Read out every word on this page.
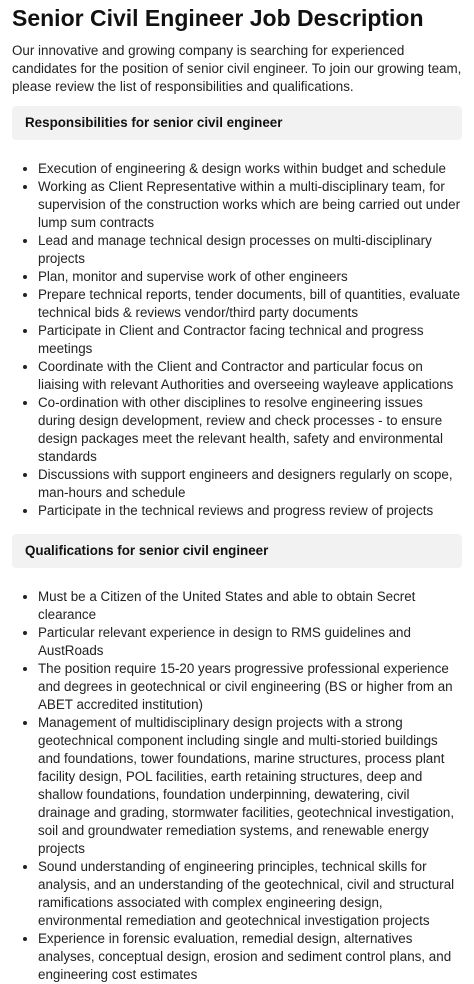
Senior Civil Engineer Job Description

Our innovative and growing company is searching for experienced candidates for the position of senior civil engineer. To join our growing team, please review the list of responsibilities and qualifications.

Responsibilities for senior civil engineer
• Execution of engineering & design works within budget and schedule
• Working as Client Representative within a multi-disciplinary team, for supervision of the construction works which are being carried out under lump sum contracts
• Lead and manage technical design processes on multi-disciplinary projects
• Plan, monitor and supervise work of other engineers
• Prepare technical reports, tender documents, bill of quantities, evaluate technical bids & reviews vendor/third party documents
• Participate in Client and Contractor facing technical and progress meetings
• Coordinate with the Client and Contractor and particular focus on liaising with relevant Authorities and overseeing wayleave applications
• Co-ordination with other disciplines to resolve engineering issues during design development, review and check processes - to ensure design packages meet the relevant health, safety and environmental standards
• Discussions with support engineers and designers regularly on scope, man-hours and schedule
• Participate in the technical reviews and progress review of projects
Qualifications for senior civil engineer
• Must be a Citizen of the United States and able to obtain Secret clearance
• Particular relevant experience in design to RMS guidelines and AustRoads
• The position require 15-20 years progressive professional experience and degrees in geotechnical or civil engineering (BS or higher from an ABET accredited institution)
• Management of multidisciplinary design projects with a strong geotechnical component including single and multi-storied buildings and foundations, tower foundations, marine structures, process plant facility design, POL facilities, earth retaining structures, deep and shallow foundations, foundation underpinning, dewatering, civil drainage and grading, stormwater facilities, geotechnical investigation, soil and groundwater remediation systems, and renewable energy projects
• Sound understanding of engineering principles, technical skills for analysis, and an understanding of the geotechnical, civil and structural ramifications associated with complex engineering design, environmental remediation and geotechnical investigation projects
• Experience in forensic evaluation, remedial design, alternatives analyses, conceptual design, erosion and sediment control plans, and engineering cost estimates
